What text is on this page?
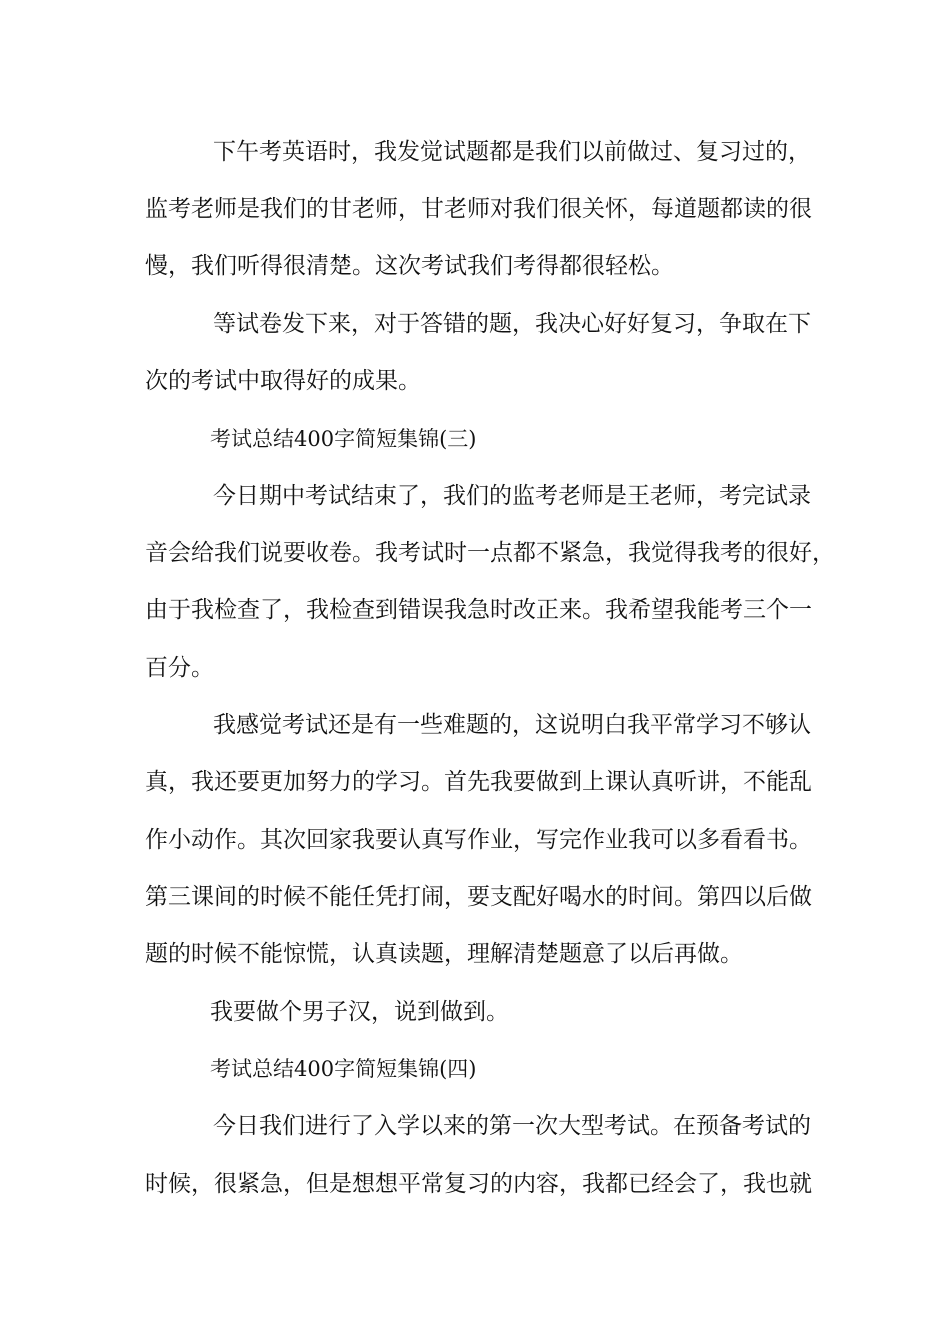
下午考英语时，我发觉试题都是我们以前做过、复习过的，

监考老师是我们的甘老师，甘老师对我们很关怀，每道题都读的很

慢，我们听得很清楚。这次考试我们考得都很轻松。

等试卷发下来，对于答错的题，我决心好好复习，争取在下

次的考试中取得好的成果。

考试总结400字简短集锦(三)

今日期中考试结束了，我们的监考老师是王老师，考完试录

音会给我们说要收卷。我考试时一点都不紧急，我觉得我考的很好，

由于我检查了，我检查到错误我急时改正来。我希望我能考三个一

百分。

我感觉考试还是有一些难题的，这说明白我平常学习不够认

真，我还要更加努力的学习。首先我要做到上课认真听讲，不能乱

作小动作。其次回家我要认真写作业，写完作业我可以多看看书。

第三课间的时候不能任凭打闹，要支配好喝水的时间。第四以后做

题的时候不能惊慌，认真读题，理解清楚题意了以后再做。

我要做个男子汉，说到做到。

考试总结400字简短集锦(四)

今日我们进行了入学以来的第一次大型考试。在预备考试的

时候，很紧急，但是想想平常复习的内容，我都已经会了，我也就
